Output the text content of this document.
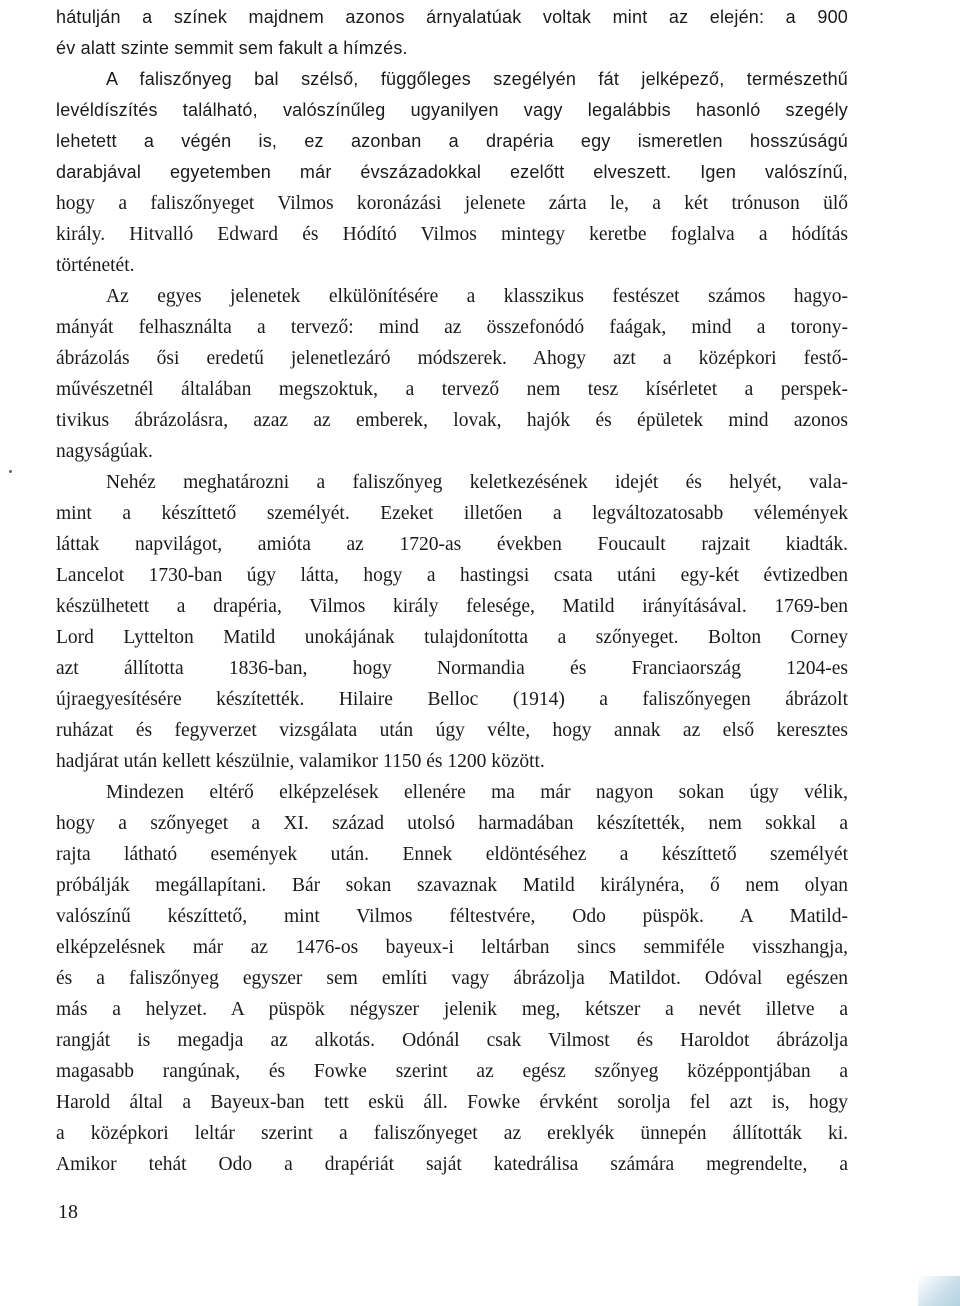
hátulján a színek majdnem azonos árnyalatúak voltak mint az elején: a 900
év alatt szinte semmit sem fakult a hímzés.
A faliszőnyeg bal szélső, függőleges szegélyén fát jelképező, természethű
levéldíszítés található, valószínűleg ugyanilyen vagy legalábbis hasonló szegély
lehetett a végén is, ez azonban a drapéria egy ismeretlen hosszúságú
darabjával egyetemben már évszázadokkal ezelőtt elveszett. Igen valószínű,
hogy a faliszőnyeget Vilmos koronázási jelenete zárta le, a két trónuson ülő
király. Hitvalló Edward és Hódító Vilmos mintegy keretbe foglalva a hódítás
történetét.
Az egyes jelenetek elkülönítésére a klasszikus festészet számos hagyo-
mányát felhasználta a tervező: mind az összefonódó faágak, mind a torony-
ábrázolás ősi eredetű jelenetlezáró módszerek. Ahogy azt a középkori festő-
művészetnél általában megszoktuk, a tervező nem tesz kísérletet a perspek-
tivikus ábrázolásra, azaz az emberek, lovak, hajók és épületek mind azonos
nagyságúak.
Nehéz meghatározni a faliszőnyeg keletkezésének idejét és helyét, vala-
mint a készíttető személyét. Ezeket illetően a legváltozatosabb vélemények
láttak napvilágot, amióta az 1720-as években Foucault rajzait kiadták.
Lancelot 1730-ban úgy látta, hogy a hastingsi csata utáni egy-két évtizedben
készülhetett a drapéria, Vilmos király felesége, Matild irányításával. 1769-ben
Lord Lyttelton Matild unokájának tulajdonította a szőnyeget. Bolton Corney
azt állította 1836-ban, hogy Normandia és Franciaország 1204-es
újraegyesítésére készítették. Hilaire Belloc (1914) a faliszőnyegen ábrázolt
ruházat és fegyverzet vizsgálata után úgy vélte, hogy annak az első keresztes
hadjárat után kellett készülnie, valamikor 1150 és 1200 között.
Mindezen eltérő elképzelések ellenére ma már nagyon sokan úgy vélik,
hogy a szőnyeget a XI. század utolsó harmadában készítették, nem sokkal a
rajta látható események után. Ennek eldöntéséhez a készíttető személyét
próbálják megállapítani. Bár sokan szavaznak Matild királynéra, ő nem olyan
valószínű készíttető, mint Vilmos féltestvére, Odo püspök. A Matild-
elképzelésnek már az 1476-os bayeux-i leltárban sincs semmiféle visszhangja,
és a faliszőnyeg egyszer sem említi vagy ábrázolja Matildot. Odóval egészen
más a helyzet. A püspök négyszer jelenik meg, kétszer a nevét illetve a
rangját is megadja az alkotás. Odónál csak Vilmost és Haroldot ábrázolja
magasabb rangúnak, és Fowke szerint az egész szőnyeg középpontjában a
Harold által a Bayeux-ban tett eskü áll. Fowke érvként sorolja fel azt is, hogy
a középkori leltár szerint a faliszőnyeget az ereklyék ünnepén állították ki.
Amikor tehát Odo a drapériát saját katedrálisa számára megrendelte, a
18
